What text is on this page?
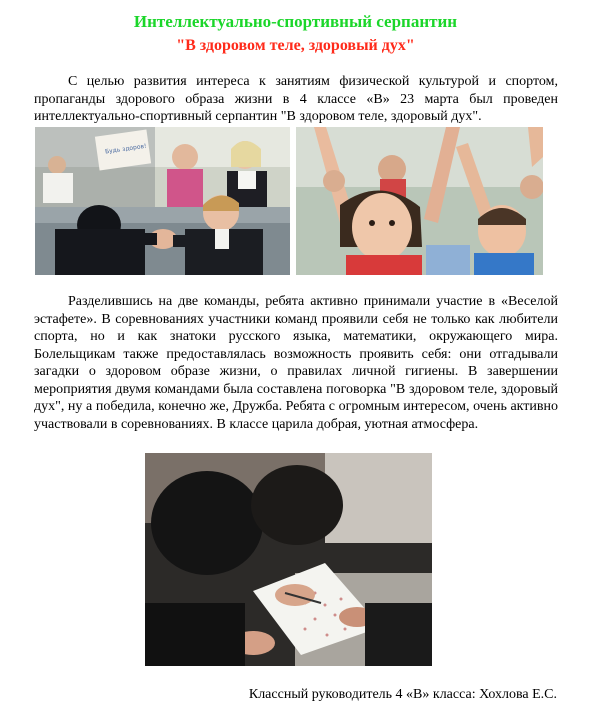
Интеллектуально-спортивный серпантин
"В здоровом теле, здоровый дух"

С целью развития интереса к занятиям физической культурой и спортом, пропаганды здорового образа жизни в 4 классе «В» 23 марта был проведен интеллектуально-спортивный серпантин "В здоровом теле, здоровый дух".

Будь здоров!

Разделившись на две команды, ребята активно принимали участие в «Веселой эстафете». В соревнованиях участники команд проявили себя не только как любители спорта, но и как знатоки русского языка, математики, окружающего мира. Болельщикам также предоставлялась возможность проявить себя: они отгадывали загадки о здоровом образе жизни, о правилах личной гигиены. В завершении мероприятия двумя командами была составлена поговорка "В здоровом теле, здоровый дух", ну а победила, конечно же, Дружба. Ребята с огромным интересом, очень активно участвовали в соревнованиях. В классе царила добрая, уютная атмосфера.

Классный руководитель 4 «В» класса: Хохлова Е.С.
